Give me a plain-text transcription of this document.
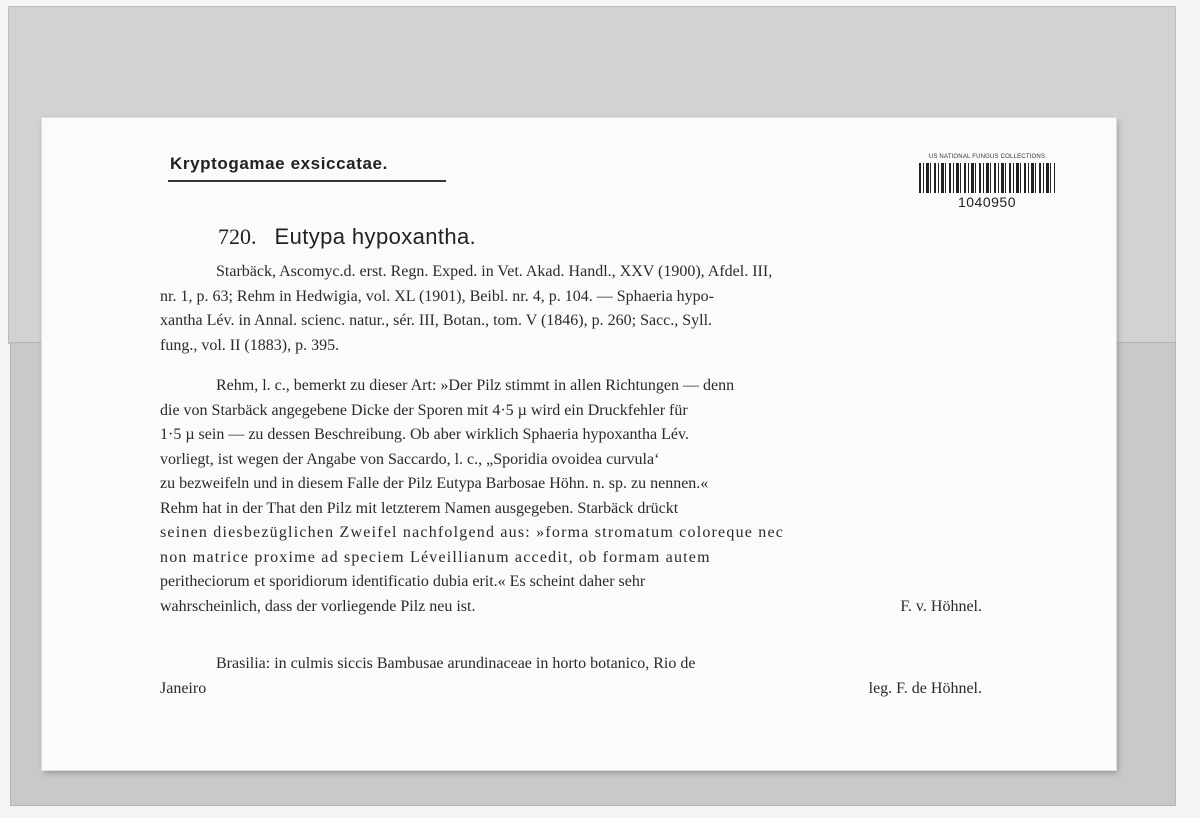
Kryptogamae exsiccatae.	US NATIONAL FUNGUS COLLECTIONS
1040950
720. Eutypa hypoxantha.
Starbäck, Ascomyc.d. erst. Regn. Exped. in Vet. Akad. Handl., XXV (1900), Afdel. III,
nr. 1, p. 63; Rehm in Hedwigia, vol. XL (1901), Beibl. nr. 4, p. 104. — Sphaeria hypo-
xantha Lév. in Annal. scienc. natur., sér. III, Botan., tom. V (1846), p. 260; Sacc., Syll.
fung., vol. II (1883), p. 395.
Rehm, l. c., bemerkt zu dieser Art: »Der Pilz stimmt in allen Richtungen — denn
die von Starbäck angegebene Dicke der Sporen mit 4·5 µ wird ein Druckfehler für
1·5 µ sein — zu dessen Beschreibung. Ob aber wirklich Sphaeria hypoxantha Lév.
vorliegt, ist wegen der Angabe von Saccardo, l. c., „Sporidia ovoidea curvula‘
zu bezweifeln und in diesem Falle der Pilz Eutypa Barbosae Höhn. n. sp. zu nennen.«
Rehm hat in der That den Pilz mit letzterem Namen ausgegeben. Starbäck drückt
seinen diesbezüglichen Zweifel nachfolgend aus: »forma stromatum coloreque nec
non matrice proxime ad speciem Léveillianum accedit, ob formam autem
peritheciorum et sporidiorum identificatio dubia erit.« Es scheint daher sehr
wahrscheinlich, dass der vorliegende Pilz neu ist.	F. v. Höhnel.
Brasilia: in culmis siccis Bambusae arundinaceae in horto botanico, Rio de
Janeiro	leg. F. de Höhnel.
